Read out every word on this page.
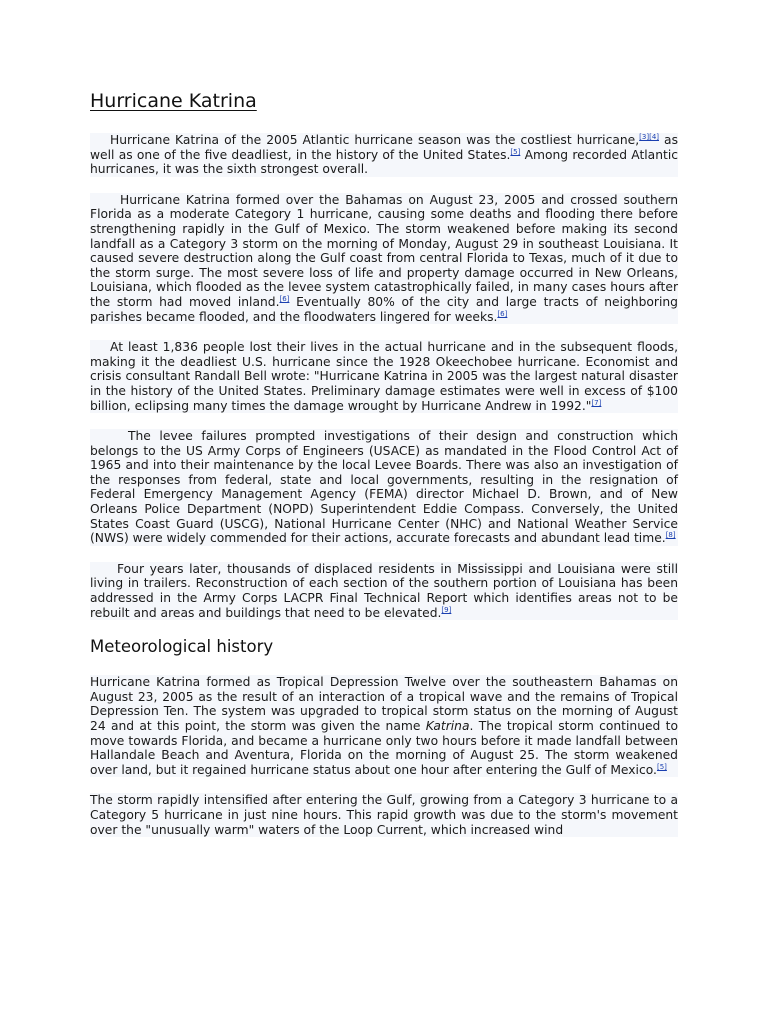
Hurricane Katrina

Hurricane Katrina of the 2005 Atlantic hurricane season was the costliest hurricane,[3][4] as well as one of the five deadliest, in the history of the United States.[5] Among recorded Atlantic hurricanes, it was the sixth strongest overall.

Hurricane Katrina formed over the Bahamas on August 23, 2005 and crossed southern Florida as a moderate Category 1 hurricane, causing some deaths and flooding there before strengthening rapidly in the Gulf of Mexico. The storm weakened before making its second landfall as a Category 3 storm on the morning of Monday, August 29 in southeast Louisiana. It caused severe destruction along the Gulf coast from central Florida to Texas, much of it due to the storm surge. The most severe loss of life and property damage occurred in New Orleans, Louisiana, which flooded as the levee system catastrophically failed, in many cases hours after the storm had moved inland.[6] Eventually 80% of the city and large tracts of neighboring parishes became flooded, and the floodwaters lingered for weeks.[6]

At least 1,836 people lost their lives in the actual hurricane and in the subsequent floods, making it the deadliest U.S. hurricane since the 1928 Okeechobee hurricane. Economist and crisis consultant Randall Bell wrote: "Hurricane Katrina in 2005 was the largest natural disaster in the history of the United States. Preliminary damage estimates were well in excess of $100 billion, eclipsing many times the damage wrought by Hurricane Andrew in 1992."[7]

The levee failures prompted investigations of their design and construction which belongs to the US Army Corps of Engineers (USACE) as mandated in the Flood Control Act of 1965 and into their maintenance by the local Levee Boards. There was also an investigation of the responses from federal, state and local governments, resulting in the resignation of Federal Emergency Management Agency (FEMA) director Michael D. Brown, and of New Orleans Police Department (NOPD) Superintendent Eddie Compass. Conversely, the United States Coast Guard (USCG), National Hurricane Center (NHC) and National Weather Service (NWS) were widely commended for their actions, accurate forecasts and abundant lead time.[8]

Four years later, thousands of displaced residents in Mississippi and Louisiana were still living in trailers. Reconstruction of each section of the southern portion of Louisiana has been addressed in the Army Corps LACPR Final Technical Report which identifies areas not to be rebuilt and areas and buildings that need to be elevated.[9]

Meteorological history

Hurricane Katrina formed as Tropical Depression Twelve over the southeastern Bahamas on August 23, 2005 as the result of an interaction of a tropical wave and the remains of Tropical Depression Ten. The system was upgraded to tropical storm status on the morning of August 24 and at this point, the storm was given the name Katrina. The tropical storm continued to move towards Florida, and became a hurricane only two hours before it made landfall between Hallandale Beach and Aventura, Florida on the morning of August 25. The storm weakened over land, but it regained hurricane status about one hour after entering the Gulf of Mexico.[5]

The storm rapidly intensified after entering the Gulf, growing from a Category 3 hurricane to a Category 5 hurricane in just nine hours. This rapid growth was due to the storm's movement over the "unusually warm" waters of the Loop Current, which increased wind
